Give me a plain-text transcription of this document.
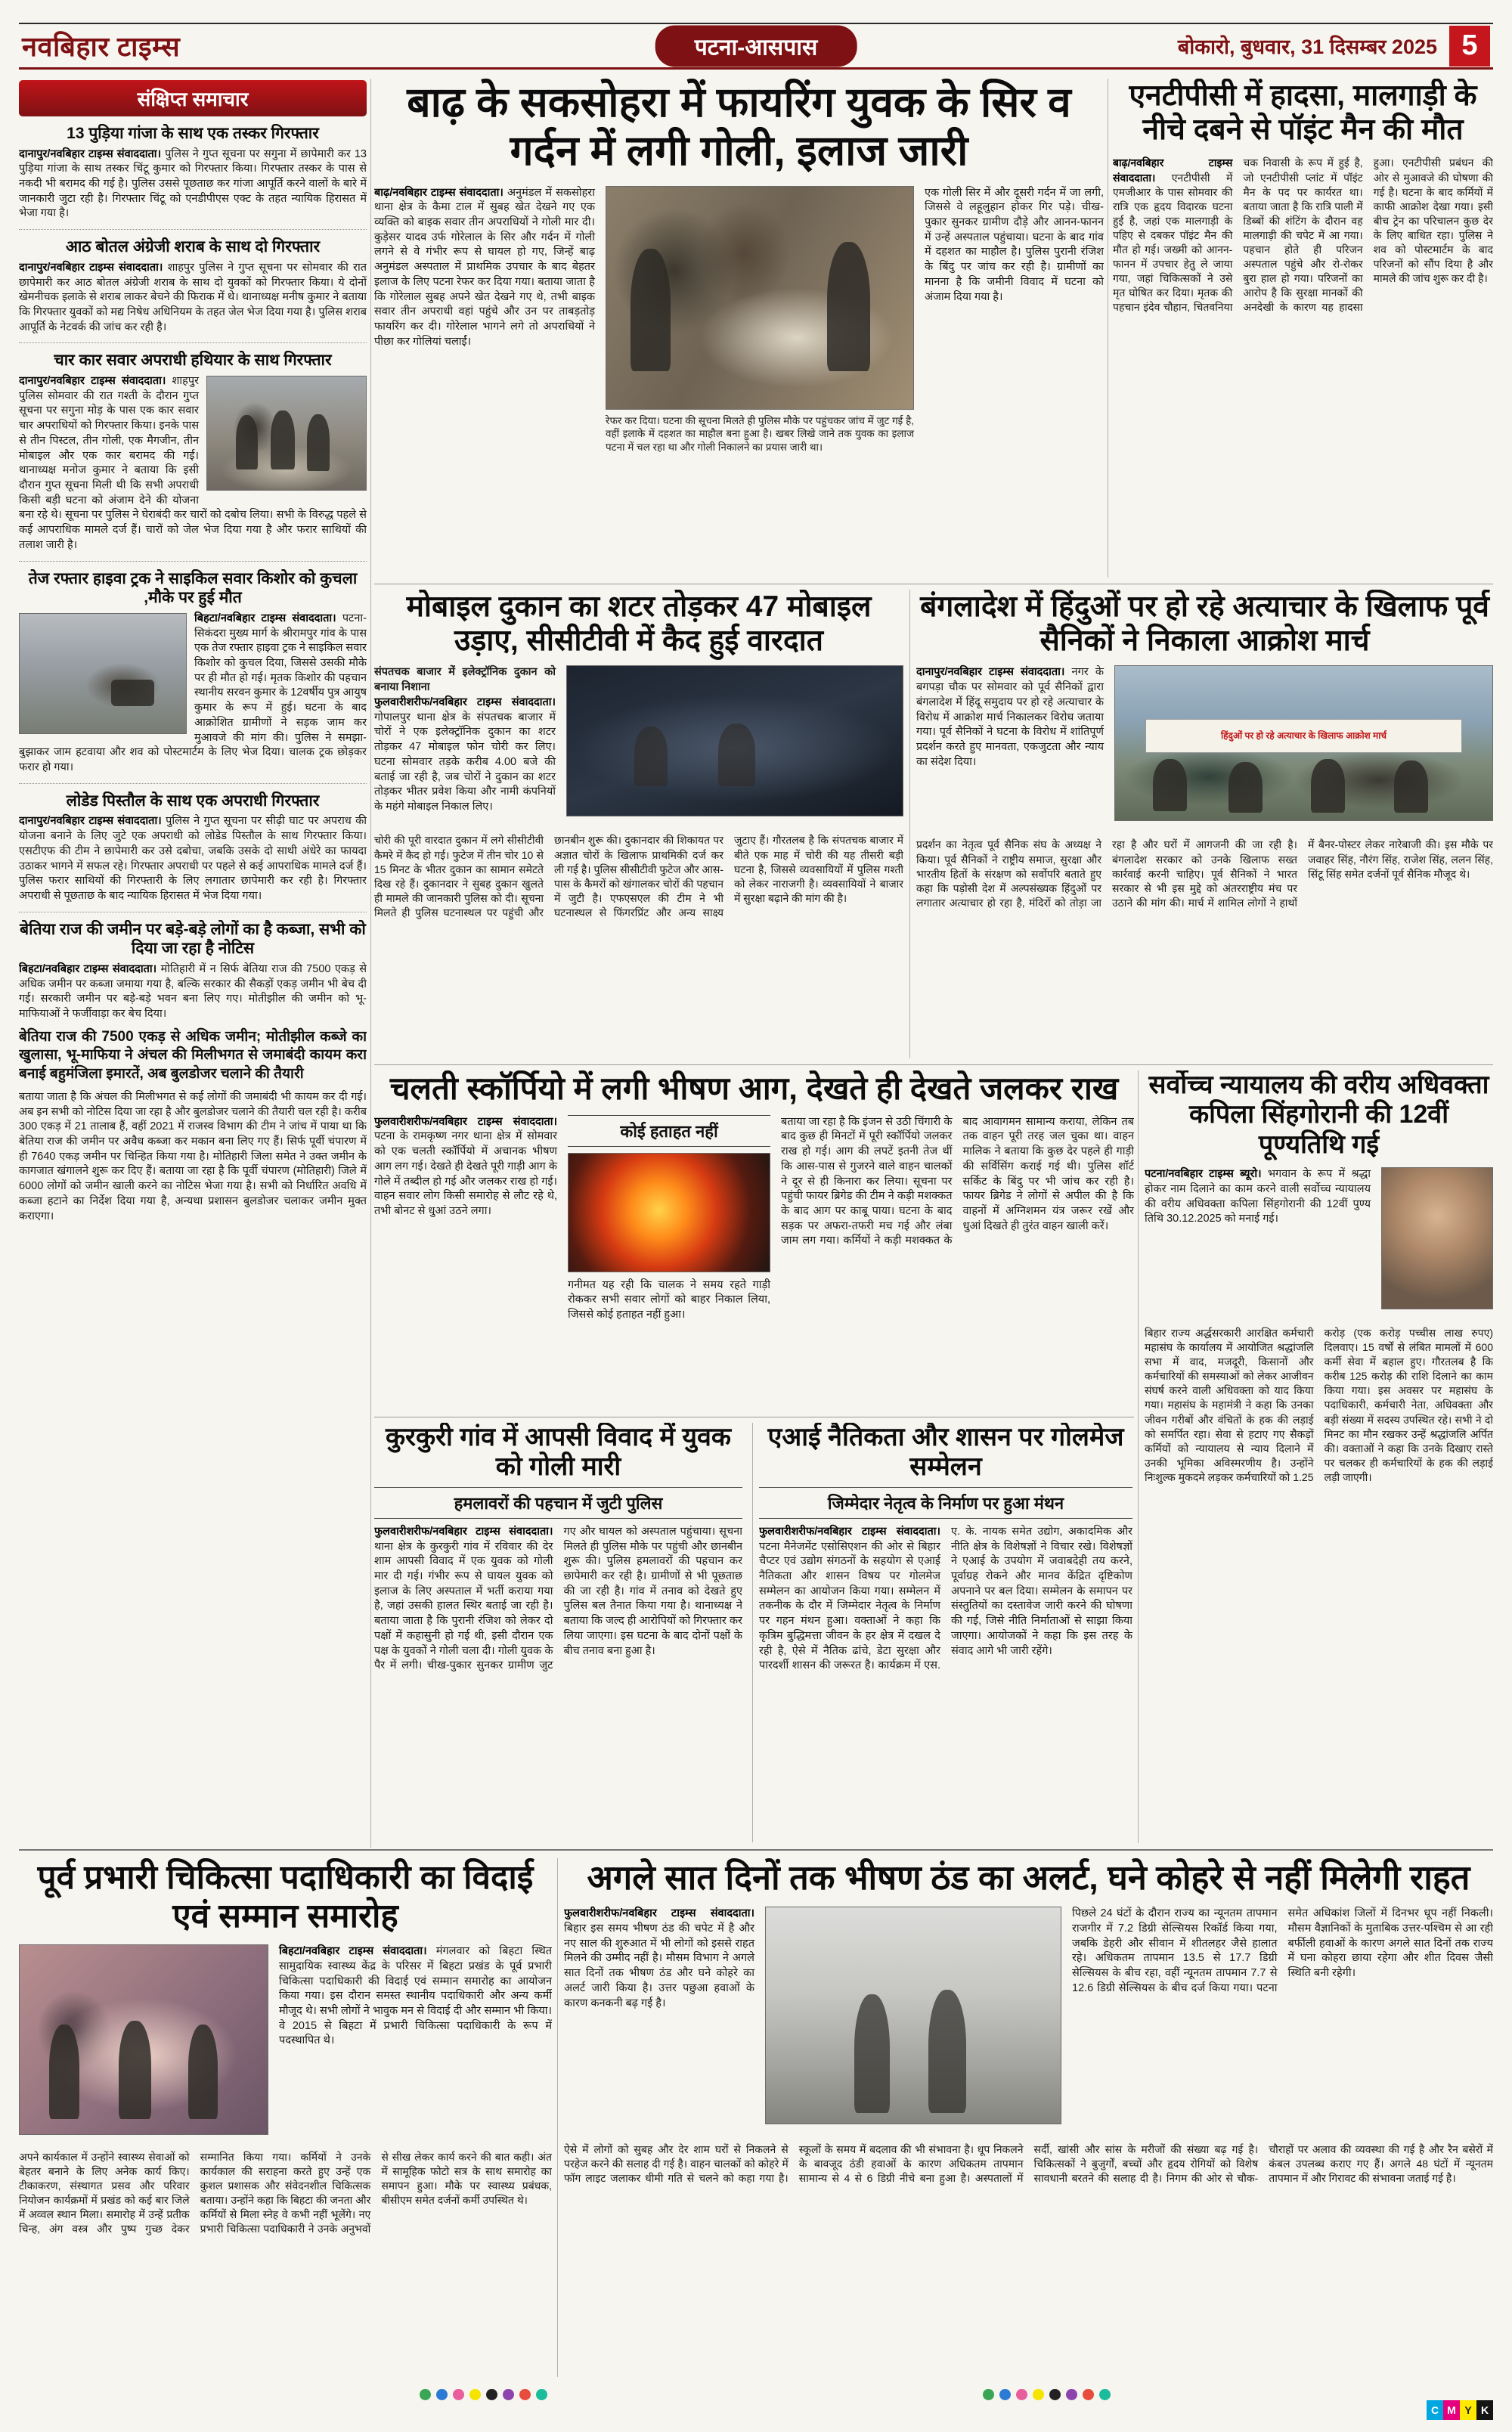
नवबिहार टाइम्स	पटना-आसपास	बोकारो, बुधवार, 31 दिसम्बर 2025 5
संक्षिप्त समाचार
13 पुड़िया गांजा के साथ एक तस्कर गिरफ्तार

दानापुर/नवबिहार टाइम्स संवाददाता। पुलिस ने गुप्त सूचना पर सगुना में छापेमारी कर 13 पुड़िया गांजा के साथ तस्कर चिंटू कुमार को गिरफ्तार किया। गिरफ्तार तस्कर के पास से नकदी भी बरामद की गई है। पुलिस उससे पूछताछ कर गांजा आपूर्ति करने वालों के बारे में जानकारी जुटा रही है। गिरफ्तार चिंटू को एनडीपीएस एक्ट के तहत न्यायिक हिरासत में भेजा गया है।

आठ बोतल अंग्रेजी शराब के साथ दो गिरफ्तार

दानापुर/नवबिहार टाइम्स संवाददाता। शाहपुर पुलिस ने गुप्त सूचना पर सोमवार की रात छापेमारी कर आठ बोतल अंग्रेजी शराब के साथ दो युवकों को गिरफ्तार किया। ये दोनों खेमनीचक इलाके से शराब लाकर बेचने की फिराक में थे। थानाध्यक्ष मनीष कुमार ने बताया कि गिरफ्तार युवकों को मद्य निषेध अधिनियम के तहत जेल भेज दिया गया है। पुलिस शराब आपूर्ति के नेटवर्क की जांच कर रही है।

चार कार सवार अपराधी हथियार के साथ गिरफ्तार

दानापुर/नवबिहार टाइम्स संवाददाता। शाहपुर पुलिस सोमवार की रात गश्ती के दौरान गुप्त सूचना पर सगुना मोड़ के पास एक कार सवार चार अपराधियों को गिरफ्तार किया। इनके पास से तीन पिस्टल, तीन गोली, एक मैगजीन, तीन मोबाइल और एक कार बरामद की गई। थानाध्यक्ष मनोज कुमार ने बताया कि इसी दौरान गुप्त सूचना मिली थी कि सभी अपराधी किसी बड़ी घटना को अंजाम देने की योजना बना रहे थे। सूचना पर पुलिस ने घेराबंदी कर चारों को दबोच लिया। सभी के विरुद्ध पहले से कई आपराधिक मामले दर्ज हैं। चारों को जेल भेज दिया गया है और फरार साथियों की तलाश जारी है।

तेज रफ्तार हाइवा ट्रक ने साइकिल सवार किशोर को कुचला ,मौके पर हुई मौत

बिहटा/नवबिहार टाइम्स संवाददाता। पटना-सिकंदरा मुख्य मार्ग के श्रीरामपुर गांव के पास एक तेज रफ्तार हाइवा ट्रक ने साइकिल सवार किशोर को कुचल दिया, जिससे उसकी मौके पर ही मौत हो गई। मृतक किशोर की पहचान स्थानीय सरवन कुमार के 12वर्षीय पुत्र आयुष कुमार के रूप में हुई। घटना के बाद आक्रोशित ग्रामीणों ने सड़क जाम कर मुआवजे की मांग की। पुलिस ने समझा-बुझाकर जाम हटवाया और शव को पोस्टमार्टम के लिए भेज दिया। चालक ट्रक छोड़कर फरार हो गया।

लोडेड पिस्तौल के साथ एक अपराधी गिरफ्तार

दानापुर/नवबिहार टाइम्स संवाददाता। पुलिस ने गुप्त सूचना पर सीढ़ी घाट पर अपराध की योजना बनाने के लिए जुटे एक अपराधी को लोडेड पिस्तौल के साथ गिरफ्तार किया। एसटीएफ की टीम ने छापेमारी कर उसे दबोचा, जबकि उसके दो साथी अंधेरे का फायदा उठाकर भागने में सफल रहे। गिरफ्तार अपराधी पर पहले से कई आपराधिक मामले दर्ज हैं। पुलिस फरार साथियों की गिरफ्तारी के लिए लगातार छापेमारी कर रही है। गिरफ्तार अपराधी से पूछताछ के बाद न्यायिक हिरासत में भेज दिया गया।

बेतिया राज की जमीन पर बड़े-बड़े लोगों का है कब्जा, सभी को दिया जा रहा है नोटिस

बिहटा/नवबिहार टाइम्स संवाददाता। मोतिहारी में न सिर्फ बेतिया राज की 7500 एकड़ से अधिक जमीन पर कब्जा जमाया गया है, बल्कि सरकार की सैकड़ों एकड़ जमीन भी बेच दी गई। सरकारी जमीन पर बड़े-बड़े भवन बना लिए गए। मोतीझील की जमीन को भू-माफियाओं ने फर्जीवाड़ा कर बेच दिया।

बेतिया राज की 7500 एकड़ से अधिक जमीन; मोतीझील कब्जे का खुलासा, भू-माफिया ने अंचल की मिलीभगत से जमाबंदी कायम करा बनाई बहुमंजिला इमारतें, अब बुलडोजर चलाने की तैयारी

बताया जाता है कि अंचल की मिलीभगत से कई लोगों की जमाबंदी भी कायम कर दी गई। अब इन सभी को नोटिस दिया जा रहा है और बुलडोजर चलाने की तैयारी चल रही है। करीब 300 एकड़ में 21 तालाब हैं, वहीं 2021 में राजस्व विभाग की टीम ने जांच में पाया था कि बेतिया राज की जमीन पर अवैध कब्जा कर मकान बना लिए गए हैं। सिर्फ पूर्वी चंपारण में ही 7640 एकड़ जमीन पर चिन्हित किया गया है। मोतिहारी जिला समेत ने उक्त जमीन के कागजात खंगालने शुरू कर दिए हैं। बताया जा रहा है कि पूर्वी चंपारण (मोतिहारी) जिले में 6000 लोगों को जमीन खाली करने का नोटिस भेजा गया है। सभी को निर्धारित अवधि में कब्जा हटाने का निर्देश दिया गया है, अन्यथा प्रशासन बुलडोजर चलाकर जमीन मुक्त कराएगा।

बाढ़ के सकसोहरा में फायरिंग युवक के सिर व गर्दन में लगी गोली, इलाज जारी
बाढ़/नवबिहार टाइम्स संवाददाता। अनुमंडल में सकसोहरा थाना क्षेत्र के कैमा टाल में सुबह खेत देखने गए एक व्यक्ति को बाइक सवार तीन अपराधियों ने गोली मार दी। कुड़ेसर यादव उर्फ गोरेलाल के सिर और गर्दन में गोली लगने से वे गंभीर रूप से घायल हो गए, जिन्हें बाढ़ अनुमंडल अस्पताल में प्राथमिक उपचार के बाद बेहतर इलाज के लिए पटना रेफर कर दिया गया। बताया जाता है कि गोरेलाल सुबह अपने खेत देखने गए थे, तभी बाइक सवार तीन अपराधी वहां पहुंचे और उन पर ताबड़तोड़ फायरिंग कर दी। गोरेलाल भागने लगे तो अपराधियों ने पीछा कर गोलियां चलाईं।

रेफर कर दिया। घटना की सूचना मिलते ही पुलिस मौके पर पहुंचकर जांच में जुट गई है, वहीं इलाके में दहशत का माहौल बना हुआ है। खबर लिखे जाने तक युवक का इलाज पटना में चल रहा था और गोली निकालने का प्रयास जारी था।

एक गोली सिर में और दूसरी गर्दन में जा लगी, जिससे वे लहूलुहान होकर गिर पड़े। चीख-पुकार सुनकर ग्रामीण दौड़े और आनन-फानन में उन्हें अस्पताल पहुंचाया। घटना के बाद गांव में दहशत का माहौल है। पुलिस पुरानी रंजिश के बिंदु पर जांच कर रही है। ग्रामीणों का मानना है कि जमीनी विवाद में घटना को अंजाम दिया गया है।
एनटीपीसी में हादसा, मालगाड़ी के नीचे दबने से पॉइंट मैन की मौत
बाढ़/नवबिहार टाइम्स संवाददाता। एनटीपीसी में एमजीआर के पास सोमवार की रात्रि एक हृदय विदारक घटना हुई है, जहां एक मालगाड़ी के पहिए से दबकर पॉइंट मैन की मौत हो गई। जख्मी को आनन-फानन में उपचार हेतु ले जाया गया, जहां चिकित्सकों ने उसे मृत घोषित कर दिया। मृतक की पहचान इंदेव चौहान, चितवनिया चक निवासी के रूप में हुई है, जो एनटीपीसी प्लांट में पॉइंट मैन के पद पर कार्यरत था। बताया जाता है कि रात्रि पाली में डिब्बों की शंटिंग के दौरान वह मालगाड़ी की चपेट में आ गया। पहचान होते ही परिजन अस्पताल पहुंचे और रो-रोकर बुरा हाल हो गया। परिजनों का आरोप है कि सुरक्षा मानकों की अनदेखी के कारण यह हादसा हुआ। एनटीपीसी प्रबंधन की ओर से मुआवजे की घोषणा की गई है। घटना के बाद कर्मियों में काफी आक्रोश देखा गया। इसी बीच ट्रेन का परिचालन कुछ देर के लिए बाधित रहा। पुलिस ने शव को पोस्टमार्टम के बाद परिजनों को सौंप दिया है और मामले की जांच शुरू कर दी है।
मोबाइल दुकान का शटर तोड़कर 47 मोबाइल उड़ाए, सीसीटीवी में कैद हुई वारदात

संपतचक बाजार में इलेक्ट्रॉनिक दुकान को बनाया निशाना

फुलवारीशरीफ/नवबिहार टाइम्स संवाददाता। गोपालपुर थाना क्षेत्र के संपतचक बाजार में चोरों ने एक इलेक्ट्रॉनिक दुकान का शटर तोड़कर 47 मोबाइल फोन चोरी कर लिए। घटना सोमवार तड़के करीब 4.00 बजे की बताई जा रही है, जब चोरों ने दुकान का शटर तोड़कर भीतर प्रवेश किया और नामी कंपनियों के महंगे मोबाइल निकाल लिए।

चोरी की पूरी वारदात दुकान में लगे सीसीटीवी कैमरे में कैद हो गई। फुटेज में तीन चोर 10 से 15 मिनट के भीतर दुकान का सामान समेटते दिख रहे हैं। दुकानदार ने सुबह दुकान खुलते ही मामले की जानकारी पुलिस को दी। सूचना मिलते ही पुलिस घटनास्थल पर पहुंची और छानबीन शुरू की। दुकानदार की शिकायत पर अज्ञात चोरों के खिलाफ प्राथमिकी दर्ज कर ली गई है। पुलिस सीसीटीवी फुटेज और आस-पास के कैमरों को खंगालकर चोरों की पहचान में जुटी है। एफएसएल की टीम ने भी घटनास्थल से फिंगरप्रिंट और अन्य साक्ष्य जुटाए हैं। गौरतलब है कि संपतचक बाजार में बीते एक माह में चोरी की यह तीसरी बड़ी घटना है, जिससे व्यवसायियों में पुलिस गश्ती को लेकर नाराजगी है। व्यवसायियों ने बाजार में सुरक्षा बढ़ाने की मांग की है।
बंगलादेश में हिंदुओं पर हो रहे अत्याचार के खिलाफ पूर्व सैनिकों ने निकाला आक्रोश मार्च
दानापुर/नवबिहार टाइम्स संवाददाता। नगर के बगपड़ा चौक पर सोमवार को पूर्व सैनिकों द्वारा बंगलादेश में हिंदू समुदाय पर हो रहे अत्याचार के विरोध में आक्रोश मार्च निकालकर विरोध जताया गया। पूर्व सैनिकों ने घटना के विरोध में शांतिपूर्ण प्रदर्शन करते हुए मानवता, एकजुटता और न्याय का संदेश दिया।
हिंदुओं पर हो रहे अत्याचार के खिलाफ आक्रोश मार्च
प्रदर्शन का नेतृत्व पूर्व सैनिक संघ के अध्यक्ष ने किया। पूर्व सैनिकों ने राष्ट्रीय समाज, सुरक्षा और भारतीय हितों के संरक्षण को सर्वोपरि बताते हुए कहा कि पड़ोसी देश में अल्पसंख्यक हिंदुओं पर लगातार अत्याचार हो रहा है, मंदिरों को तोड़ा जा रहा है और घरों में आगजनी की जा रही है। बंगलादेश सरकार को उनके खिलाफ सख्त कार्रवाई करनी चाहिए। पूर्व सैनिकों ने भारत सरकार से भी इस मुद्दे को अंतरराष्ट्रीय मंच पर उठाने की मांग की। मार्च में शामिल लोगों ने हाथों में बैनर-पोस्टर लेकर नारेबाजी की। इस मौके पर जवाहर सिंह, नौरंग सिंह, राजेश सिंह, ललन सिंह, सिंटू सिंह समेत दर्जनों पूर्व सैनिक मौजूद थे।
चलती स्कॉर्पियो में लगी भीषण आग, देखते ही देखते जलकर राख
फुलवारीशरीफ/नवबिहार टाइम्स संवाददाता। पटना के रामकृष्ण नगर थाना क्षेत्र में सोमवार को एक चलती स्कॉर्पियो में अचानक भीषण आग लग गई। देखते ही देखते पूरी गाड़ी आग के गोले में तब्दील हो गई और जलकर राख हो गई। वाहन सवार लोग किसी समारोह से लौट रहे थे, तभी बोनट से धुआं उठने लगा।
कोई हताहत नहीं

गनीमत यह रही कि चालक ने समय रहते गाड़ी रोककर सभी सवार लोगों को बाहर निकाल लिया, जिससे कोई हताहत नहीं हुआ।

बताया जा रहा है कि इंजन से उठी चिंगारी के बाद कुछ ही मिनटों में पूरी स्कॉर्पियो जलकर राख हो गई। आग की लपटें इतनी तेज थीं कि आस-पास से गुजरने वाले वाहन चालकों ने दूर से ही किनारा कर लिया। सूचना पर पहुंची फायर ब्रिगेड की टीम ने कड़ी मशक्कत के बाद आग पर काबू पाया। घटना के बाद सड़क पर अफरा-तफरी मच गई और लंबा जाम लग गया। कर्मियों ने कड़ी मशक्कत के बाद आवागमन सामान्य कराया, लेकिन तब तक वाहन पूरी तरह जल चुका था। वाहन मालिक ने बताया कि कुछ देर पहले ही गाड़ी की सर्विसिंग कराई गई थी। पुलिस शॉर्ट सर्किट के बिंदु पर भी जांच कर रही है। फायर ब्रिगेड ने लोगों से अपील की है कि वाहनों में अग्निशमन यंत्र जरूर रखें और धुआं दिखते ही तुरंत वाहन खाली करें।
सर्वोच्च न्यायालय की वरीय अधिवक्ता कपिला सिंहगोरानी की 12वीं पूण्यतिथि गई
पटना/नवबिहार टाइम्स ब्यूरो। भगवान के रूप में श्रद्धा होकर नाम दिलाने का काम करने वाली सर्वोच्च न्यायालय की वरीय अधिवक्ता कपिला सिंहगोरानी की 12वीं पुण्य तिथि 30.12.2025 को मनाई गई।
बिहार राज्य अर्द्धसरकारी आरक्षित कर्मचारी महासंघ के कार्यालय में आयोजित श्रद्धांजलि सभा में वाद, मजदूरी, किसानों और कर्मचारियों की समस्याओं को लेकर आजीवन संघर्ष करने वाली अधिवक्ता को याद किया गया। महासंघ के महामंत्री ने कहा कि उनका जीवन गरीबों और वंचितों के हक की लड़ाई को समर्पित रहा। सेवा से हटाए गए सैकड़ों कर्मियों को न्यायालय से न्याय दिलाने में उनकी भूमिका अविस्मरणीय है। उन्होंने निःशुल्क मुकदमे लड़कर कर्मचारियों को 1.25 करोड़ (एक करोड़ पच्चीस लाख रुपए) दिलवाए। 15 वर्षों से लंबित मामलों में 600 कर्मी सेवा में बहाल हुए। गौरतलब है कि करीब 125 करोड़ की राशि दिलाने का काम किया गया। इस अवसर पर महासंघ के पदाधिकारी, कर्मचारी नेता, अधिवक्ता और बड़ी संख्या में सदस्य उपस्थित रहे। सभी ने दो मिनट का मौन रखकर उन्हें श्रद्धांजलि अर्पित की। वक्ताओं ने कहा कि उनके दिखाए रास्ते पर चलकर ही कर्मचारियों के हक की लड़ाई लड़ी जाएगी।
कुरकुरी गांव में आपसी विवाद में युवक को गोली मारी
हमलावरों की पहचान में जुटी पुलिस
फुलवारीशरीफ/नवबिहार टाइम्स संवाददाता। थाना क्षेत्र के कुरकुरी गांव में रविवार की देर शाम आपसी विवाद में एक युवक को गोली मार दी गई। गंभीर रूप से घायल युवक को इलाज के लिए अस्पताल में भर्ती कराया गया है, जहां उसकी हालत स्थिर बताई जा रही है। बताया जाता है कि पुरानी रंजिश को लेकर दो पक्षों में कहासुनी हो गई थी, इसी दौरान एक पक्ष के युवकों ने गोली चला दी। गोली युवक के पैर में लगी। चीख-पुकार सुनकर ग्रामीण जुट गए और घायल को अस्पताल पहुंचाया। सूचना मिलते ही पुलिस मौके पर पहुंची और छानबीन शुरू की। पुलिस हमलावरों की पहचान कर छापेमारी कर रही है। ग्रामीणों से भी पूछताछ की जा रही है। गांव में तनाव को देखते हुए पुलिस बल तैनात किया गया है। थानाध्यक्ष ने बताया कि जल्द ही आरोपियों को गिरफ्तार कर लिया जाएगा। इस घटना के बाद दोनों पक्षों के बीच तनाव बना हुआ है।
एआई नैतिकता और शासन पर गोलमेज सम्मेलन
जिम्मेदार नेतृत्व के निर्माण पर हुआ मंथन
फुलवारीशरीफ/नवबिहार टाइम्स संवाददाता। पटना मैनेजमेंट एसोसिएशन की ओर से बिहार चैप्टर एवं उद्योग संगठनों के सहयोग से एआई नैतिकता और शासन विषय पर गोलमेज सम्मेलन का आयोजन किया गया। सम्मेलन में तकनीक के दौर में जिम्मेदार नेतृत्व के निर्माण पर गहन मंथन हुआ। वक्ताओं ने कहा कि कृत्रिम बुद्धिमत्ता जीवन के हर क्षेत्र में दखल दे रही है, ऐसे में नैतिक ढांचे, डेटा सुरक्षा और पारदर्शी शासन की जरूरत है। कार्यक्रम में एस. ए. के. नायक समेत उद्योग, अकादमिक और नीति क्षेत्र के विशेषज्ञों ने विचार रखे। विशेषज्ञों ने एआई के उपयोग में जवाबदेही तय करने, पूर्वाग्रह रोकने और मानव केंद्रित दृष्टिकोण अपनाने पर बल दिया। सम्मेलन के समापन पर संस्तुतियों का दस्तावेज जारी करने की घोषणा की गई, जिसे नीति निर्माताओं से साझा किया जाएगा। आयोजकों ने कहा कि इस तरह के संवाद आगे भी जारी रहेंगे।
पूर्व प्रभारी चिकित्सा पदाधिकारी का विदाई एवं सम्मान समारोह
बिहटा/नवबिहार टाइम्स संवाददाता। मंगलवार को बिहटा स्थित सामुदायिक स्वास्थ्य केंद्र के परिसर में बिहटा प्रखंड के पूर्व प्रभारी चिकित्सा पदाधिकारी की विदाई एवं सम्मान समारोह का आयोजन किया गया। इस दौरान समस्त स्थानीय पदाधिकारी और अन्य कर्मी मौजूद थे। सभी लोगों ने भावुक मन से विदाई दी और सम्मान भी किया। वे 2015 से बिहटा में प्रभारी चिकित्सा पदाधिकारी के रूप में पदस्थापित थे।
अपने कार्यकाल में उन्होंने स्वास्थ्य सेवाओं को बेहतर बनाने के लिए अनेक कार्य किए। टीकाकरण, संस्थागत प्रसव और परिवार नियोजन कार्यक्रमों में प्रखंड को कई बार जिले में अव्वल स्थान मिला। समारोह में उन्हें प्रतीक चिन्ह, अंग वस्त्र और पुष्प गुच्छ देकर सम्मानित किया गया। कर्मियों ने उनके कार्यकाल की सराहना करते हुए उन्हें एक कुशल प्रशासक और संवेदनशील चिकित्सक बताया। उन्होंने कहा कि बिहटा की जनता और कर्मियों से मिला स्नेह वे कभी नहीं भूलेंगे। नए प्रभारी चिकित्सा पदाधिकारी ने उनके अनुभवों से सीख लेकर कार्य करने की बात कही। अंत में सामूहिक फोटो सत्र के साथ समारोह का समापन हुआ। मौके पर स्वास्थ्य प्रबंधक, बीसीएम समेत दर्जनों कर्मी उपस्थित थे।
अगले सात दिनों तक भीषण ठंड का अलर्ट, घने कोहरे से नहीं मिलेगी राहत
फुलवारीशरीफ/नवबिहार टाइम्स संवाददाता। बिहार इस समय भीषण ठंड की चपेट में है और नए साल की शुरुआत में भी लोगों को इससे राहत मिलने की उम्मीद नहीं है। मौसम विभाग ने अगले सात दिनों तक भीषण ठंड और घने कोहरे का अलर्ट जारी किया है। उत्तर पछुआ हवाओं के कारण कनकनी बढ़ गई है।
पिछले 24 घंटों के दौरान राज्य का न्यूनतम तापमान राजगीर में 7.2 डिग्री सेल्सियस रिकॉर्ड किया गया, जबकि डेहरी और सीवान में शीतलहर जैसे हालात रहे। अधिकतम तापमान 13.5 से 17.7 डिग्री सेल्सियस के बीच रहा, वहीं न्यूनतम तापमान 7.7 से 12.6 डिग्री सेल्सियस के बीच दर्ज किया गया। पटना समेत अधिकांश जिलों में दिनभर धूप नहीं निकली। मौसम वैज्ञानिकों के मुताबिक उत्तर-पश्चिम से आ रही बर्फीली हवाओं के कारण अगले सात दिनों तक राज्य में घना कोहरा छाया रहेगा और शीत दिवस जैसी स्थिति बनी रहेगी।
ऐसे में लोगों को सुबह और देर शाम घरों से निकलने से परहेज करने की सलाह दी गई है। वाहन चालकों को कोहरे में फॉग लाइट जलाकर धीमी गति से चलने को कहा गया है। स्कूलों के समय में बदलाव की भी संभावना है। धूप निकलने के बावजूद ठंडी हवाओं के कारण अधिकतम तापमान सामान्य से 4 से 6 डिग्री नीचे बना हुआ है। अस्पतालों में सर्दी, खांसी और सांस के मरीजों की संख्या बढ़ गई है। चिकित्सकों ने बुजुर्गों, बच्चों और हृदय रोगियों को विशेष सावधानी बरतने की सलाह दी है। निगम की ओर से चौक-चौराहों पर अलाव की व्यवस्था की गई है और रैन बसेरों में कंबल उपलब्ध कराए गए हैं। अगले 48 घंटों में न्यूनतम तापमान में और गिरावट की संभावना जताई गई है।
C M Y K
